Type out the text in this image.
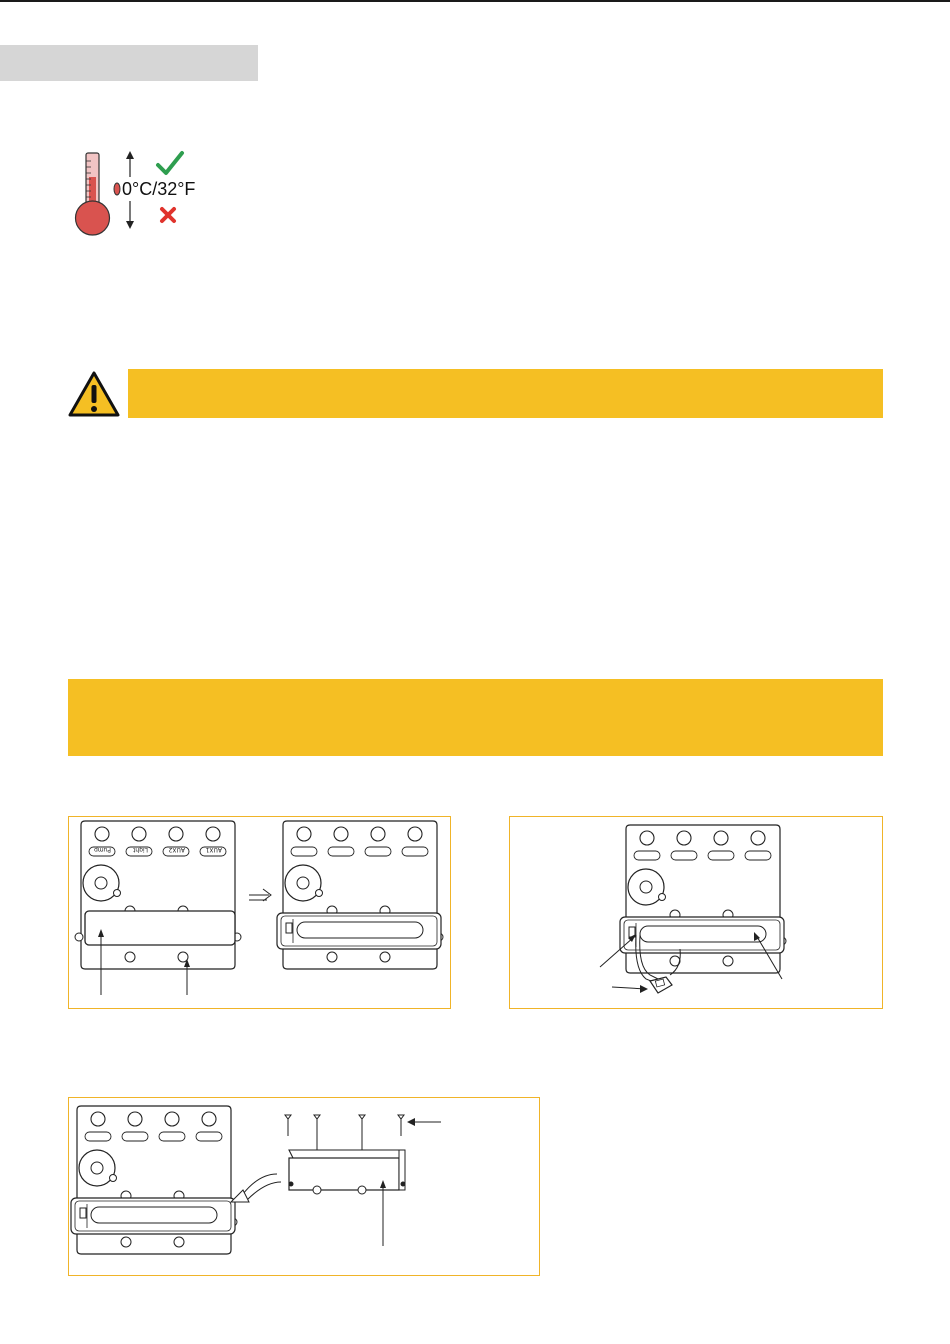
0°C/32°F
Pump	Light	AUX2	AUX1
